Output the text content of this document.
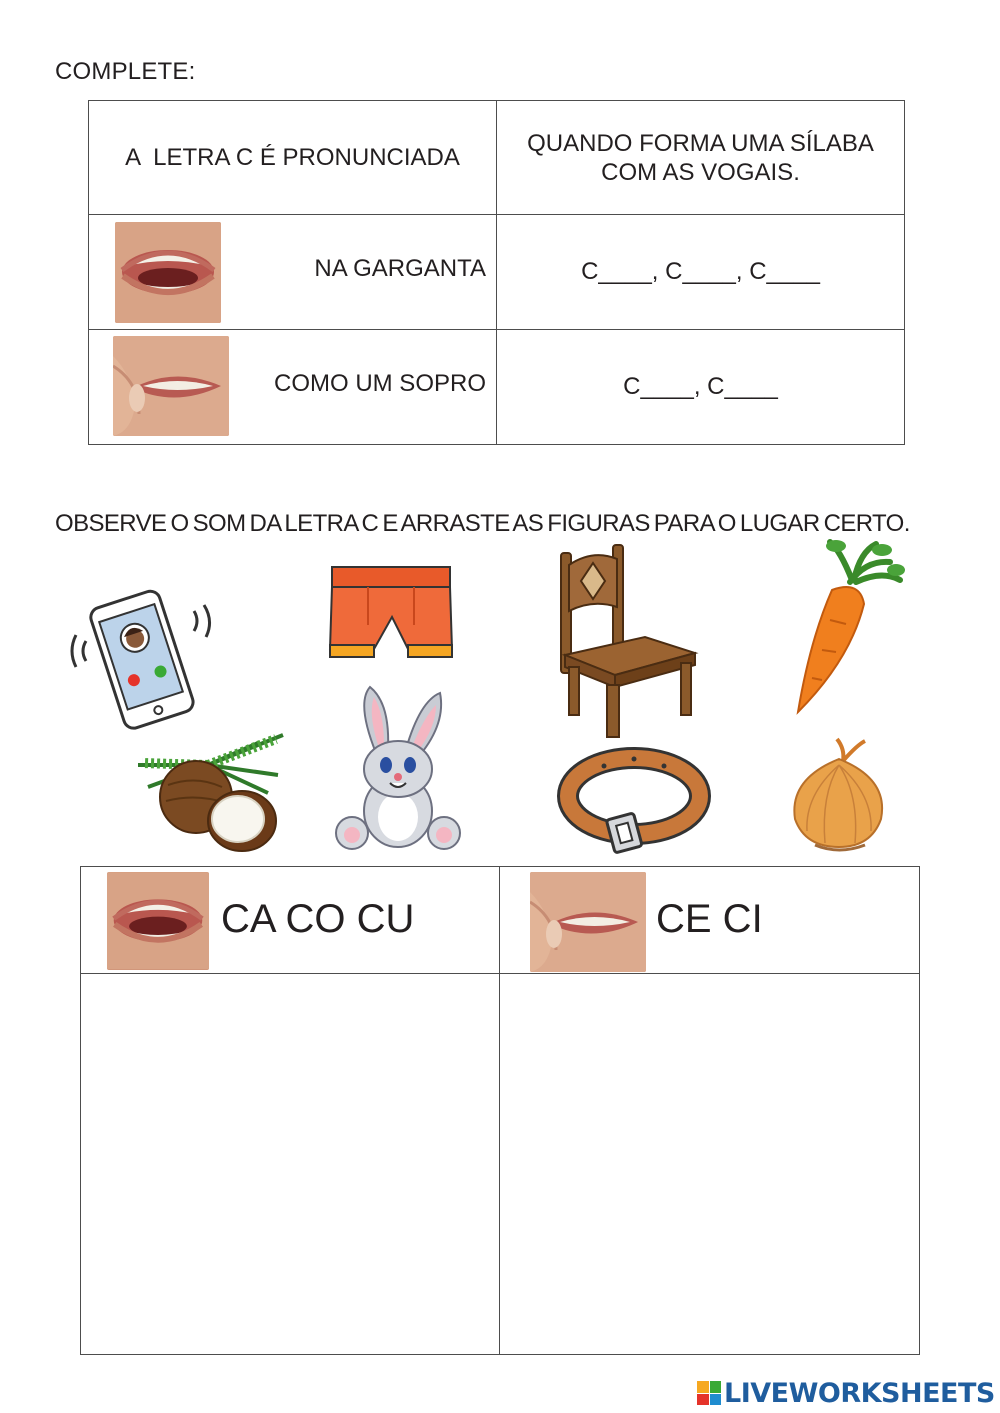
COMPLETE:
A  LETRA C É PRONUNCIADA	QUANDO FORMA UMA SÍLABA COM AS VOGAIS.

NA GARGANTA	C____, C____, C____

COMO UM SOPRO	C____, C____
OBSERVE O SOM DA LETRA C E ARRASTE AS FIGURAS PARA O LUGAR CERTO.
CA CO CU	CE CI

LIVEWORKSHEETS
